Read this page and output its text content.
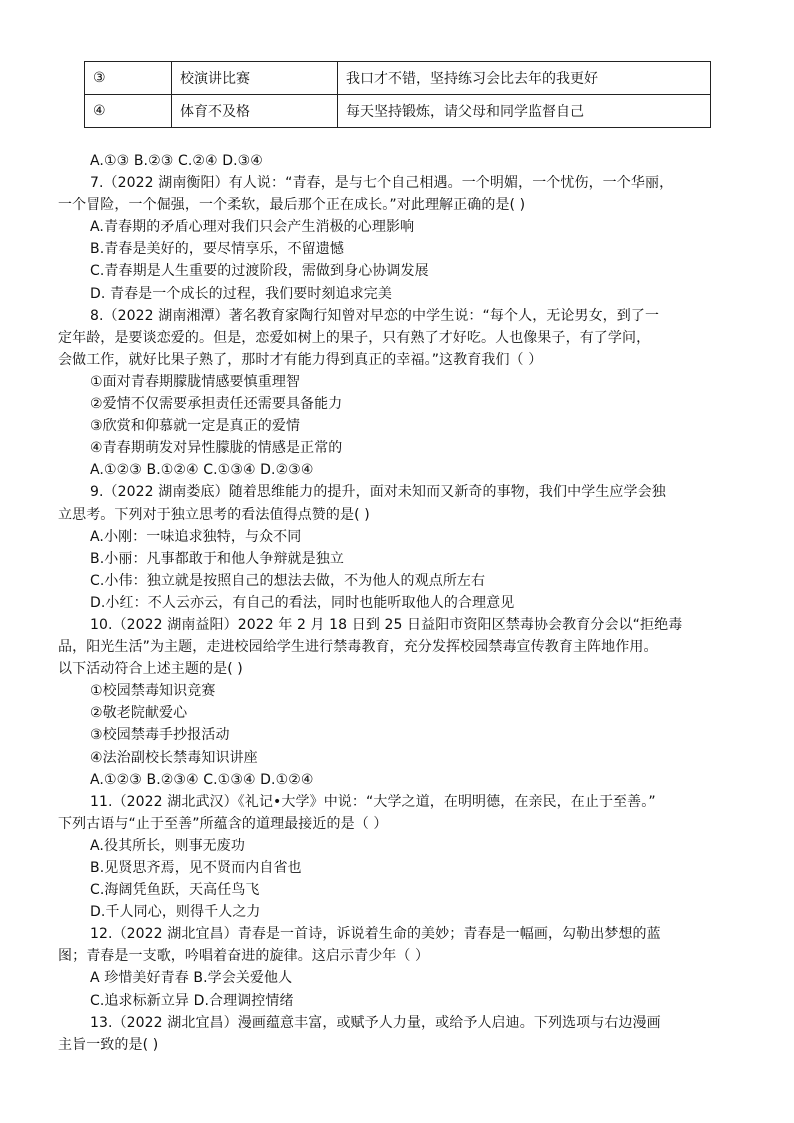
③	校演讲比赛	我口才不错，坚持练习会比去年的我更好
④	体育不及格	每天坚持锻炼，请父母和同学监督自己
A.①③ B.②③ C.②④ D.③④
7.（2022 湖南衡阳）有人说：“青春，是与七个自己相遇。一个明媚，一个忧伤，一个华丽，
一个冒险，一个倔强，一个柔软，最后那个正在成长。”对此理解正确的是( )
A.青春期的矛盾心理对我们只会产生消极的心理影响
B.青春是美好的，要尽情享乐，不留遗憾
C.青春期是人生重要的过渡阶段，需做到身心协调发展
D. 青春是一个成长的过程，我们要时刻追求完美
8.（2022 湖南湘潭）著名教育家陶行知曾对早恋的中学生说：“每个人，无论男女，到了一
定年龄，是要谈恋爱的。但是，恋爱如树上的果子，只有熟了才好吃。人也像果子，有了学问，
会做工作，就好比果子熟了，那时才有能力得到真正的幸福。”这教育我们（ ）
①面对青春期朦胧情感要慎重理智
②爱情不仅需要承担责任还需要具备能力
③欣赏和仰慕就一定是真正的爱情
④青春期萌发对异性朦胧的情感是正常的
A.①②③ B.①②④ C.①③④ D.②③④
9.（2022 湖南娄底）随着思维能力的提升，面对未知而又新奇的事物，我们中学生应学会独
立思考。下列对于独立思考的看法值得点赞的是( )
A.小刚：一味追求独特，与众不同
B.小丽：凡事都敢于和他人争辩就是独立
C.小伟：独立就是按照自己的想法去做，不为他人的观点所左右
D.小红：不人云亦云，有自己的看法，同时也能听取他人的合理意见
10.（2022 湖南益阳）2022 年 2 月 18 日到 25 日益阳市资阳区禁毒协会教育分会以“拒绝毒
品，阳光生活”为主题，走进校园给学生进行禁毒教育，充分发挥校园禁毒宣传教育主阵地作用。
以下活动符合上述主题的是( )
①校园禁毒知识竞赛
②敬老院献爱心
③校园禁毒手抄报活动
④法治副校长禁毒知识讲座
A.①②③ B.②③④ C.①③④ D.①②④
11.（2022 湖北武汉）《礼记•大学》中说：“大学之道，在明明德，在亲民，在止于至善。”
下列古语与“止于至善”所蕴含的道理最接近的是（ ）
A.役其所长，则事无废功
B.见贤思齐焉，见不贤而内自省也
C.海阔凭鱼跃，天高任鸟飞
D.千人同心，则得千人之力
12.（2022 湖北宜昌）青春是一首诗，诉说着生命的美妙；青春是一幅画，勾勒出梦想的蓝
图；青春是一支歌，吟唱着奋进的旋律。这启示青少年（ ）
A 珍惜美好青春 B.学会关爱他人
C.追求标新立异 D.合理调控情绪
13.（2022 湖北宜昌）漫画蕴意丰富，或赋予人力量，或给予人启迪。下列选项与右边漫画
主旨一致的是( )
